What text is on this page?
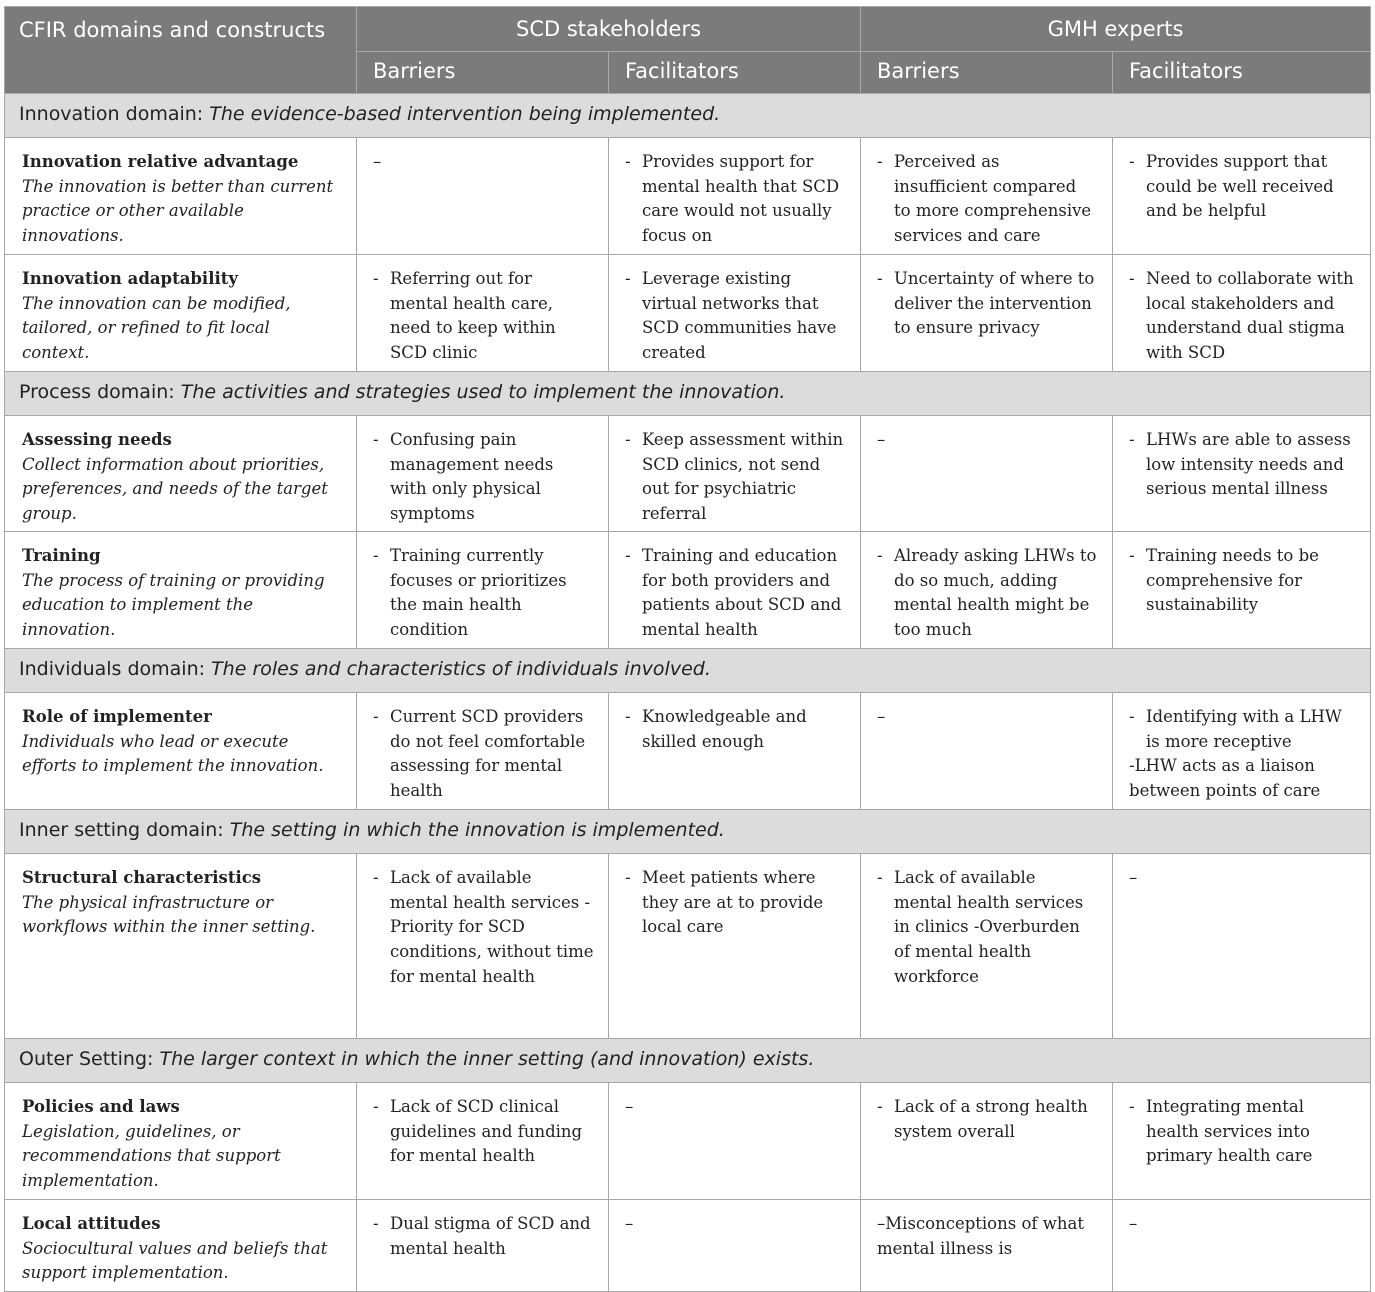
CFIR domains and constructs	SCD stakeholders		GMH experts	
	Barriers	Facilitators	Barriers	Facilitators
Innovation domain: The evidence-based intervention being implemented.				

Innovation relative advantage
The innovation is better than current practice or other available innovations.	–	- Provides support for mental health that SCD care would not usually focus on	- Perceived as insufficient compared to more comprehensive services and care	- Provides support that could be well received and be helpful

Innovation adaptability
The innovation can be modified, tailored, or refined to fit local context.	- Referring out for mental health care, need to keep within SCD clinic	- Leverage existing virtual networks that SCD communities have created	- Uncertainty of where to deliver the intervention to ensure privacy	- Need to collaborate with local stakeholders and understand dual stigma with SCD

Process domain: The activities and strategies used to implement the innovation.				

Assessing needs
Collect information about priorities, preferences, and needs of the target group.	- Confusing pain management needs with only physical symptoms	- Keep assessment within SCD clinics, not send out for psychiatric referral	–	- LHWs are able to assess low intensity needs and serious mental illness

Training
The process of training or providing education to implement the innovation.	- Training currently focuses or prioritizes the main health condition	- Training and education for both providers and patients about SCD and mental health	- Already asking LHWs to do so much, adding mental health might be too much	- Training needs to be comprehensive for sustainability

Individuals domain: The roles and characteristics of individuals involved.				

Role of implementer
Individuals who lead or execute efforts to implement the innovation.	- Current SCD providers do not feel comfortable assessing for mental health	- Knowledgeable and skilled enough	–	- Identifying with a LHW is more receptive
-LHW acts as a liaison between points of care

Inner setting domain: The setting in which the innovation is implemented.				

Structural characteristics
The physical infrastructure or workflows within the inner setting.	- Lack of available mental health services -Priority for SCD conditions, without time for mental health	- Meet patients where they are at to provide local care	- Lack of available mental health services in clinics -Overburden of mental health workforce	–

Outer Setting: The larger context in which the inner setting (and innovation) exists.				

Policies and laws
Legislation, guidelines, or recommendations that support implementation.	- Lack of SCD clinical guidelines and funding for mental health	–	- Lack of a strong health system overall	- Integrating mental health services into primary health care

Local attitudes
Sociocultural values and beliefs that support implementation.	- Dual stigma of SCD and mental health	–	–Misconceptions of what mental illness is	–
